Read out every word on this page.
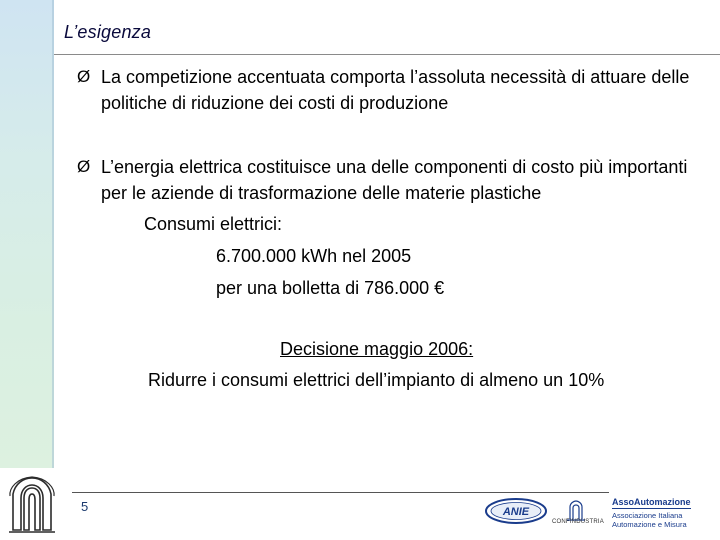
L’esigenza
Ø La competizione accentuata comporta l’assoluta necessità di attuare delle politiche di riduzione dei costi di produzione
Ø L’energia elettrica costituisce una delle componenti di costo più importanti per le aziende di trasformazione delle materie plastiche
Consumi elettrici:
6.700.000 kWh nel 2005
per una bolletta di 786.000 €
Decisione maggio 2006:
Ridurre i consumi elettrici dell’impianto di almeno un 10%
5	ANIE
CONFINDUSTRIA
AssoAutomazione
Associazione Italiana
Automazione e Misura
